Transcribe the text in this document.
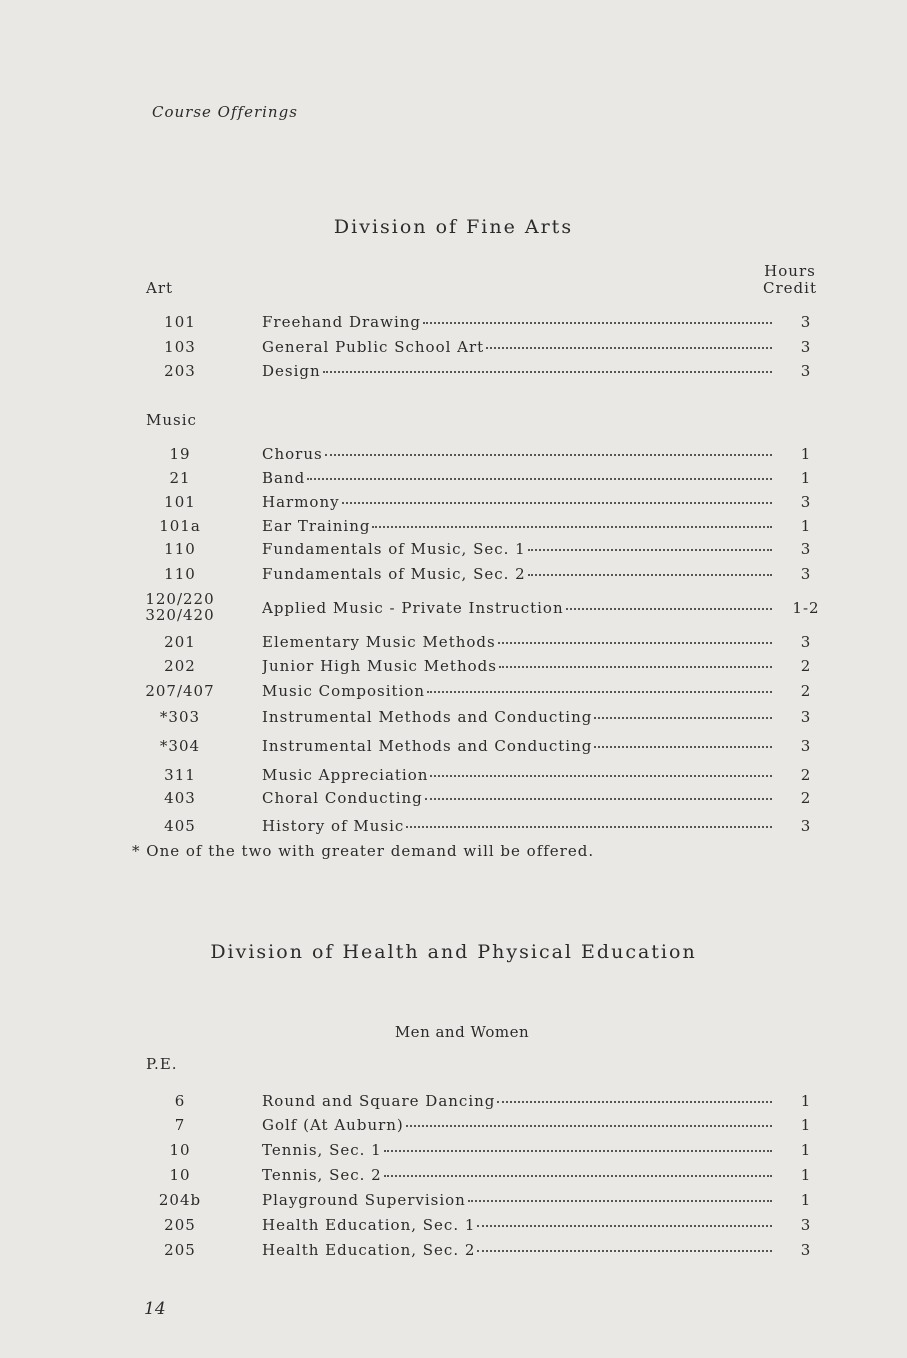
Course Offerings
Division of Fine Arts
Hours
Credit
Art
101	Freehand Drawing	3
103	General Public School Art	3
203	Design	3
Music
19	Chorus	1
21	Band	1
101	Harmony	3
101a	Ear Training	1
110	Fundamentals of Music, Sec. 1	3
110	Fundamentals of Music, Sec. 2	3
120/220
320/420	Applied Music - Private Instruction	1-2
201	Elementary Music Methods	3
202	Junior High Music Methods	2
207/407	Music Composition	2
*303	Instrumental Methods and Conducting	3
*304	Instrumental Methods and Conducting	3
311	Music Appreciation	2
403	Choral Conducting	2
405	History of Music	3
* One of the two with greater demand will be offered.
Division of Health and Physical Education
Men and Women
P.E.
6	Round and Square Dancing	1
7	Golf (At Auburn)	1
10	Tennis, Sec. 1	1
10	Tennis, Sec. 2	1
204b	Playground Supervision	1
205	Health Education, Sec. 1	3
205	Health Education, Sec. 2	3
14
